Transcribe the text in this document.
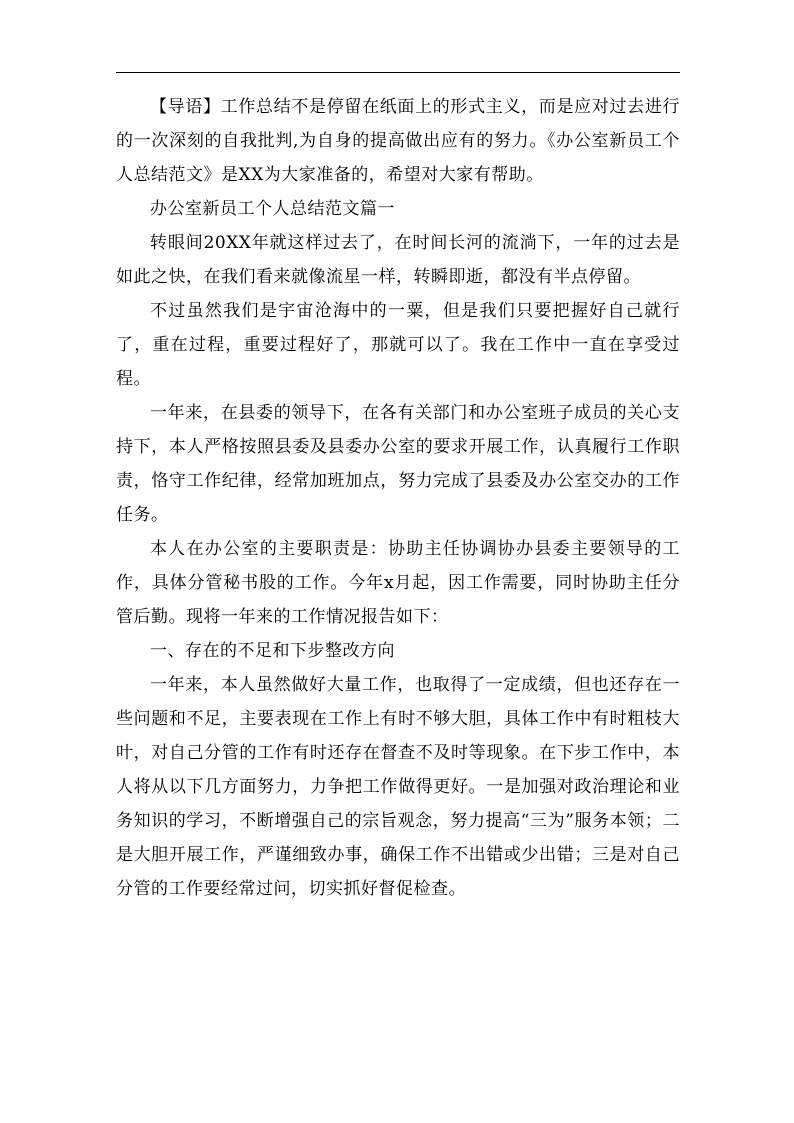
【导语】工作总结不是停留在纸面上的形式主义，而是应对过去进行的一次深刻的自我批判,为自身的提高做出应有的努力。《办公室新员工个人总结范文》是XX为大家准备的，希望对大家有帮助。

办公室新员工个人总结范文篇一

转眼间20XX年就这样过去了，在时间长河的流淌下，一年的过去是如此之快，在我们看来就像流星一样，转瞬即逝，都没有半点停留。

不过虽然我们是宇宙沧海中的一粟，但是我们只要把握好自己就行了，重在过程，重要过程好了，那就可以了。我在工作中一直在享受过程。

一年来，在县委的领导下，在各有关部门和办公室班子成员的关心支持下，本人严格按照县委及县委办公室的要求开展工作，认真履行工作职责，恪守工作纪律，经常加班加点，努力完成了县委及办公室交办的工作任务。

本人在办公室的主要职责是：协助主任协调协办县委主要领导的工作，具体分管秘书股的工作。今年x月起，因工作需要，同时协助主任分管后勤。现将一年来的工作情况报告如下：

一、存在的不足和下步整改方向

一年来，本人虽然做好大量工作，也取得了一定成绩，但也还存在一些问题和不足，主要表现在工作上有时不够大胆，具体工作中有时粗枝大叶，对自己分管的工作有时还存在督查不及时等现象。在下步工作中，本人将从以下几方面努力，力争把工作做得更好。一是加强对政治理论和业务知识的学习，不断增强自己的宗旨观念，努力提高“三为”服务本领；二是大胆开展工作，严谨细致办事，确保工作不出错或少出错；三是对自己分管的工作要经常过问，切实抓好督促检查。
